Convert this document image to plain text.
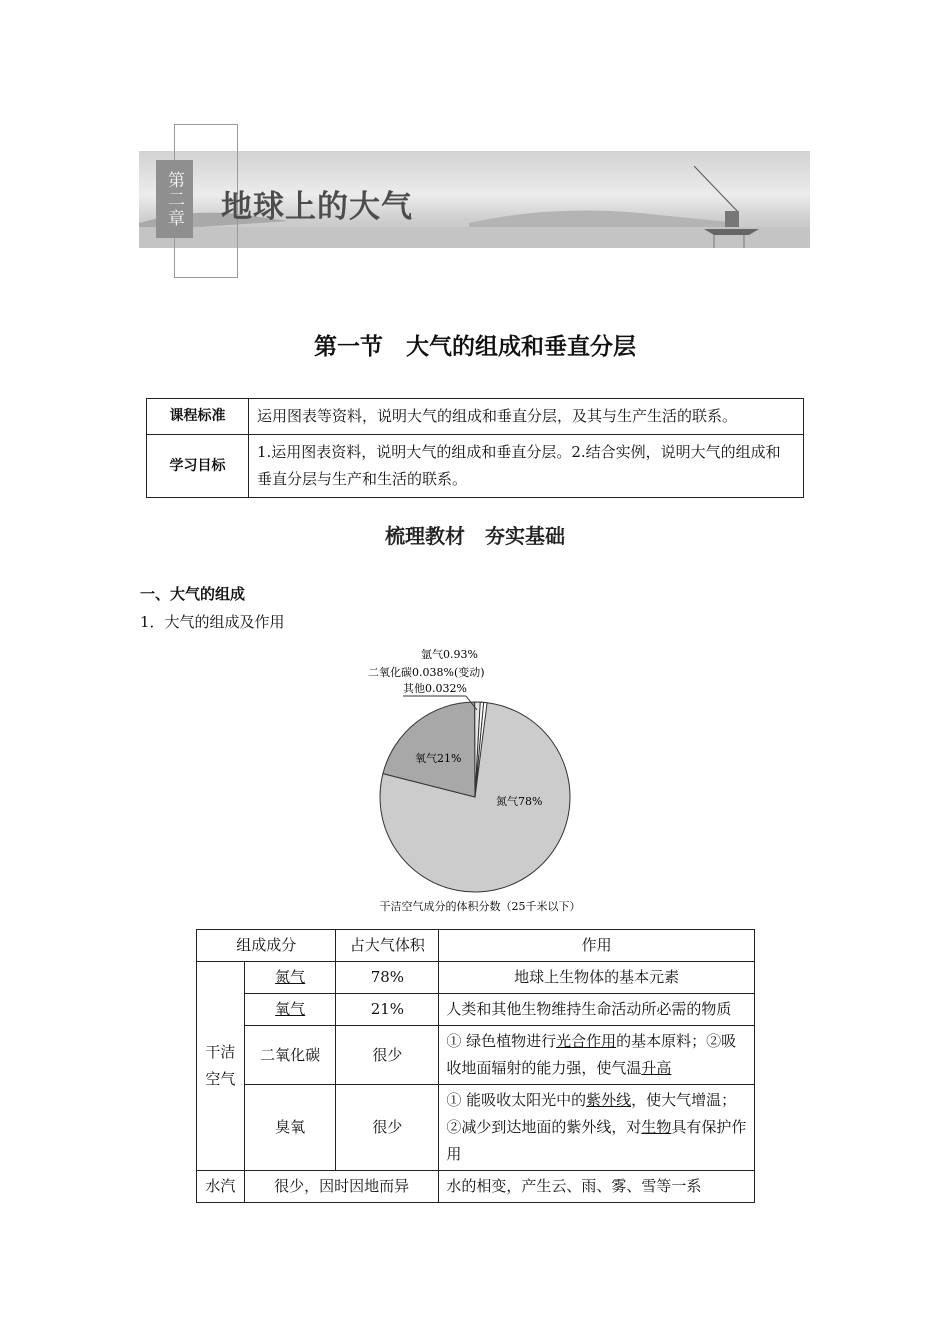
第二章 地球上的大气
第一节　大气的组成和垂直分层
课程标准	运用图表等资料，说明大气的组成和垂直分层，及其与生产生活的联系。
学习目标	1.运用图表资料，说明大气的组成和垂直分层。2.结合实例，说明大气的组成和垂直分层与生产和生活的联系。
梳理教材　夯实基础
一、大气的组成
1．大气的组成及作用
氩气0.93%
二氧化碳0.038%(变动)
其他0.032%
氧气21%
氮气78%
干洁空气成分的体积分数（25千米以下）
组成成分		占大气体积	作用
干洁
空气	氮气	78%	地球上生物体的基本元素
	氧气	21%	人类和其他生物维持生命活动所必需的物质
	二氧化碳	很少	① 绿色植物进行光合作用的基本原料；②吸收地面辐射的能力强，使气温升高
	臭氧	很少	① 能吸收太阳光中的紫外线，使大气增温；②减少到达地面的紫外线，对生物具有保护作用
水汽	很少，因时因地而异		水的相变，产生云、雨、雾、雪等一系
